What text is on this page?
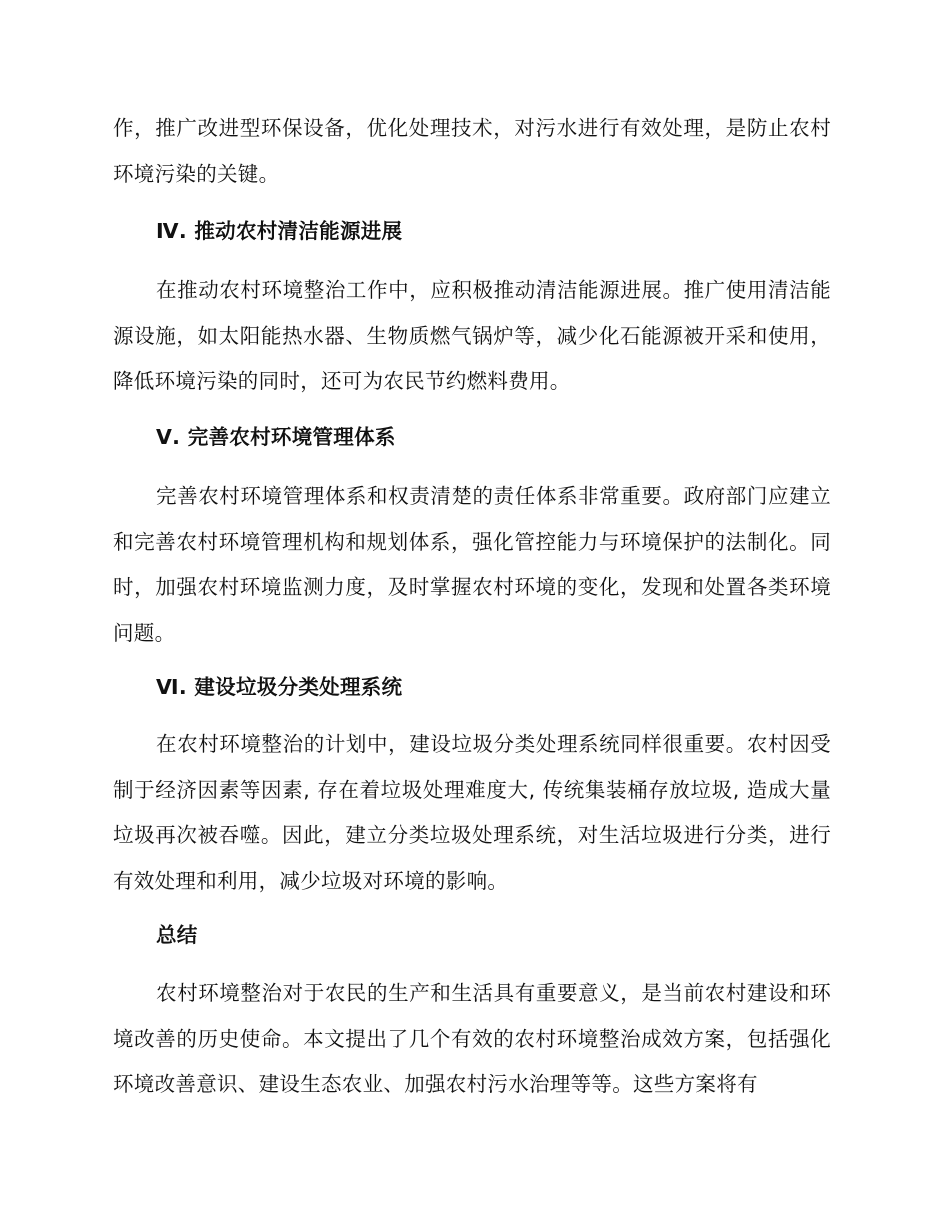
作，推广改进型环保设备，优化处理技术，对污水进行有效处理，是防止农村环境污染的关键。

Ⅳ. 推动农村清洁能源进展

在推动农村环境整治工作中，应积极推动清洁能源进展。推广使用清洁能源设施，如太阳能热水器、生物质燃气锅炉等，减少化石能源被开采和使用，降低环境污染的同时，还可为农民节约燃料费用。

Ⅴ. 完善农村环境管理体系

完善农村环境管理体系和权责清楚的责任体系非常重要。政府部门应建立和完善农村环境管理机构和规划体系，强化管控能力与环境保护的法制化。同时，加强农村环境监测力度，及时掌握农村环境的变化，发现和处置各类环境问题。

Ⅵ. 建设垃圾分类处理系统

在农村环境整治的计划中，建设垃圾分类处理系统同样很重要。农村因受制于经济因素等因素, 存在着垃圾处理难度大, 传统集装桶存放垃圾, 造成大量垃圾再次被吞噬。因此，建立分类垃圾处理系统，对生活垃圾进行分类，进行有效处理和利用，减少垃圾对环境的影响。

总结

农村环境整治对于农民的生产和生活具有重要意义，是当前农村建设和环境改善的历史使命。本文提出了几个有效的农村环境整治成效方案，包括强化环境改善意识、建设生态农业、加强农村污水治理等等。这些方案将有
